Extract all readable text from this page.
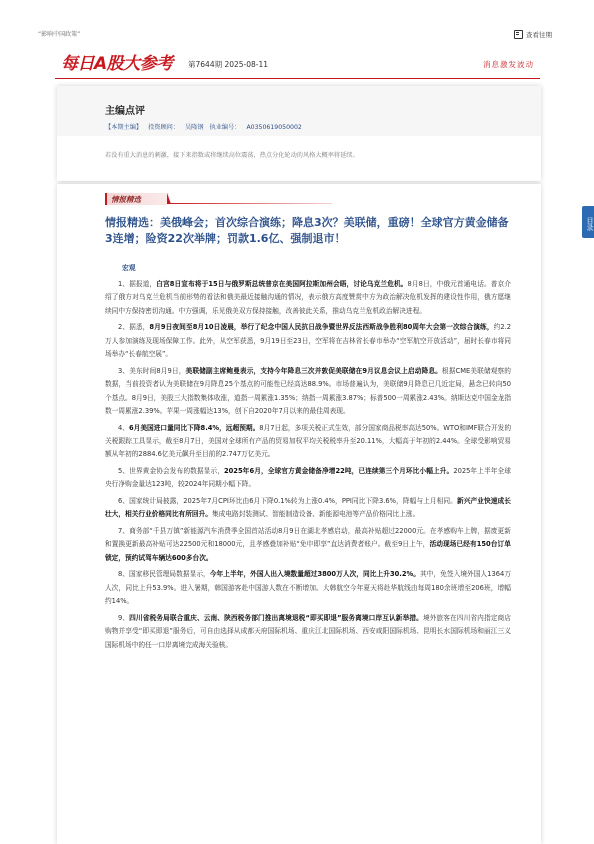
“影响中国政策”	查看往期
每日A股大参考 第7644期 2025-08-11	消息激发波动
主编点评
【本期主编】 投资顾问： 吴隆钢 执业编号： A0350619050002
若没有重大消息的刺激，接下来指数或将继续高位震荡，热点分化轮动的风格大概率将延续。
情报精选
情报精选：美俄峰会；首次综合演练；降息3次？美联储，重磅！全球官方黄金储备3连增；险资22次举牌；罚款1.6亿、强制退市！
宏观

1、据报道，白宫8日宣布将于15日与俄罗斯总统普京在美国阿拉斯加州会晤，讨论乌克兰危机。8月8日，中俄元首通电话。普京介绍了俄方对乌克兰危机当前形势的看法和俄美最近接触沟通的情况，表示俄方高度赞赏中方为政治解决危机发挥的建设性作用，俄方愿继续同中方保持密切沟通。中方强调，乐见俄美双方保持接触，改善彼此关系，推动乌克兰危机政治解决进程。

2、据悉，8月9日夜间至8月10日凌晨，举行了纪念中国人民抗日战争暨世界反法西斯战争胜利80周年大会第一次综合演练，约2.2万人参加演练及现场保障工作。此外，从空军获悉，9月19日至23日，空军将在吉林省长春市举办“空军航空开放活动”，届时长春市将同场举办“长春航空展”。

3、美东时间8月9日，美联储副主席鲍曼表示，支持今年降息三次并敦促美联储在9月议息会议上启动降息。根据CME美联储观察的数据，当前投资者认为美联储在9月降息25个基点的可能性已经高达88.9%。市场普遍认为，美联储9月降息已几近定局，悬念已转向50个基点。8月9日，美股三大指数集体收涨，道指一周累涨1.35%；纳指一周累涨3.87%；标普500一周累涨2.43%。纳斯达克中国金龙指数一周累涨2.39%。苹果一周涨幅达13%，创下自2020年7月以来的最佳周表现。

4、6月美国进口量同比下降8.4%，远超预期。8月7日起，多项关税正式生效，部分国家商品税率高达50%。WTO和IMF联合开发的关税跟踪工具显示，截至8月7日，美国对全球所有产品的贸易加权平均关税税率升至20.11%，大幅高于年初的2.44%。全球受影响贸易额从年初的2884.6亿美元飙升至目前的2.747万亿美元。

5、世界黄金协会发布的数据显示，2025年6月，全球官方黄金储备净增22吨，已连续第三个月环比小幅上升。2025年上半年全球央行净购金量达123吨，较2024年同期小幅下降。

6、国家统计局披露，2025年7月CPI环比由6月下降0.1%转为上涨0.4%，PPI同比下降3.6%，降幅与上月相同。新兴产业快速成长壮大，相关行业价格同比有所回升。集成电路封装测试、智能制造设备、新能源电池等产品价格同比上涨。

7、商务部“千县万镇”新能源汽车消费季全国首站活动8月9日在湖北孝感启动，最高补贴超过22000元。在孝感购车上牌，据废更新和置换更新最高补贴可达22500元和18000元，且孝感叠加补贴“免申即享”直达消费者账户。截至9日上午，活动现场已经有150台订单锁定，预约试驾车辆达600多台次。

8、国家移民管理局数据显示，今年上半年，外国人出入境数量超过3800万人次，同比上升30.2%。其中，免签入境外国人1364万人次，同比上升53.9%。进入暑期，韩国游客赴中国游人数在不断增加。大韩航空今年夏天将赴华航线由每周180余班增至206班，增幅约14%。

9、四川省税务局联合重庆、云南、陕西税务部门推出离境退税“即买即退”服务离境口岸互认新举措。境外旅客在四川省内指定商店购物并享受“即买即退”服务后，可自由选择从成都天府国际机场、重庆江北国际机场、西安咸阳国际机场、昆明长水国际机场和丽江三义国际机场中的任一口岸离境完成海关验核。

目录
